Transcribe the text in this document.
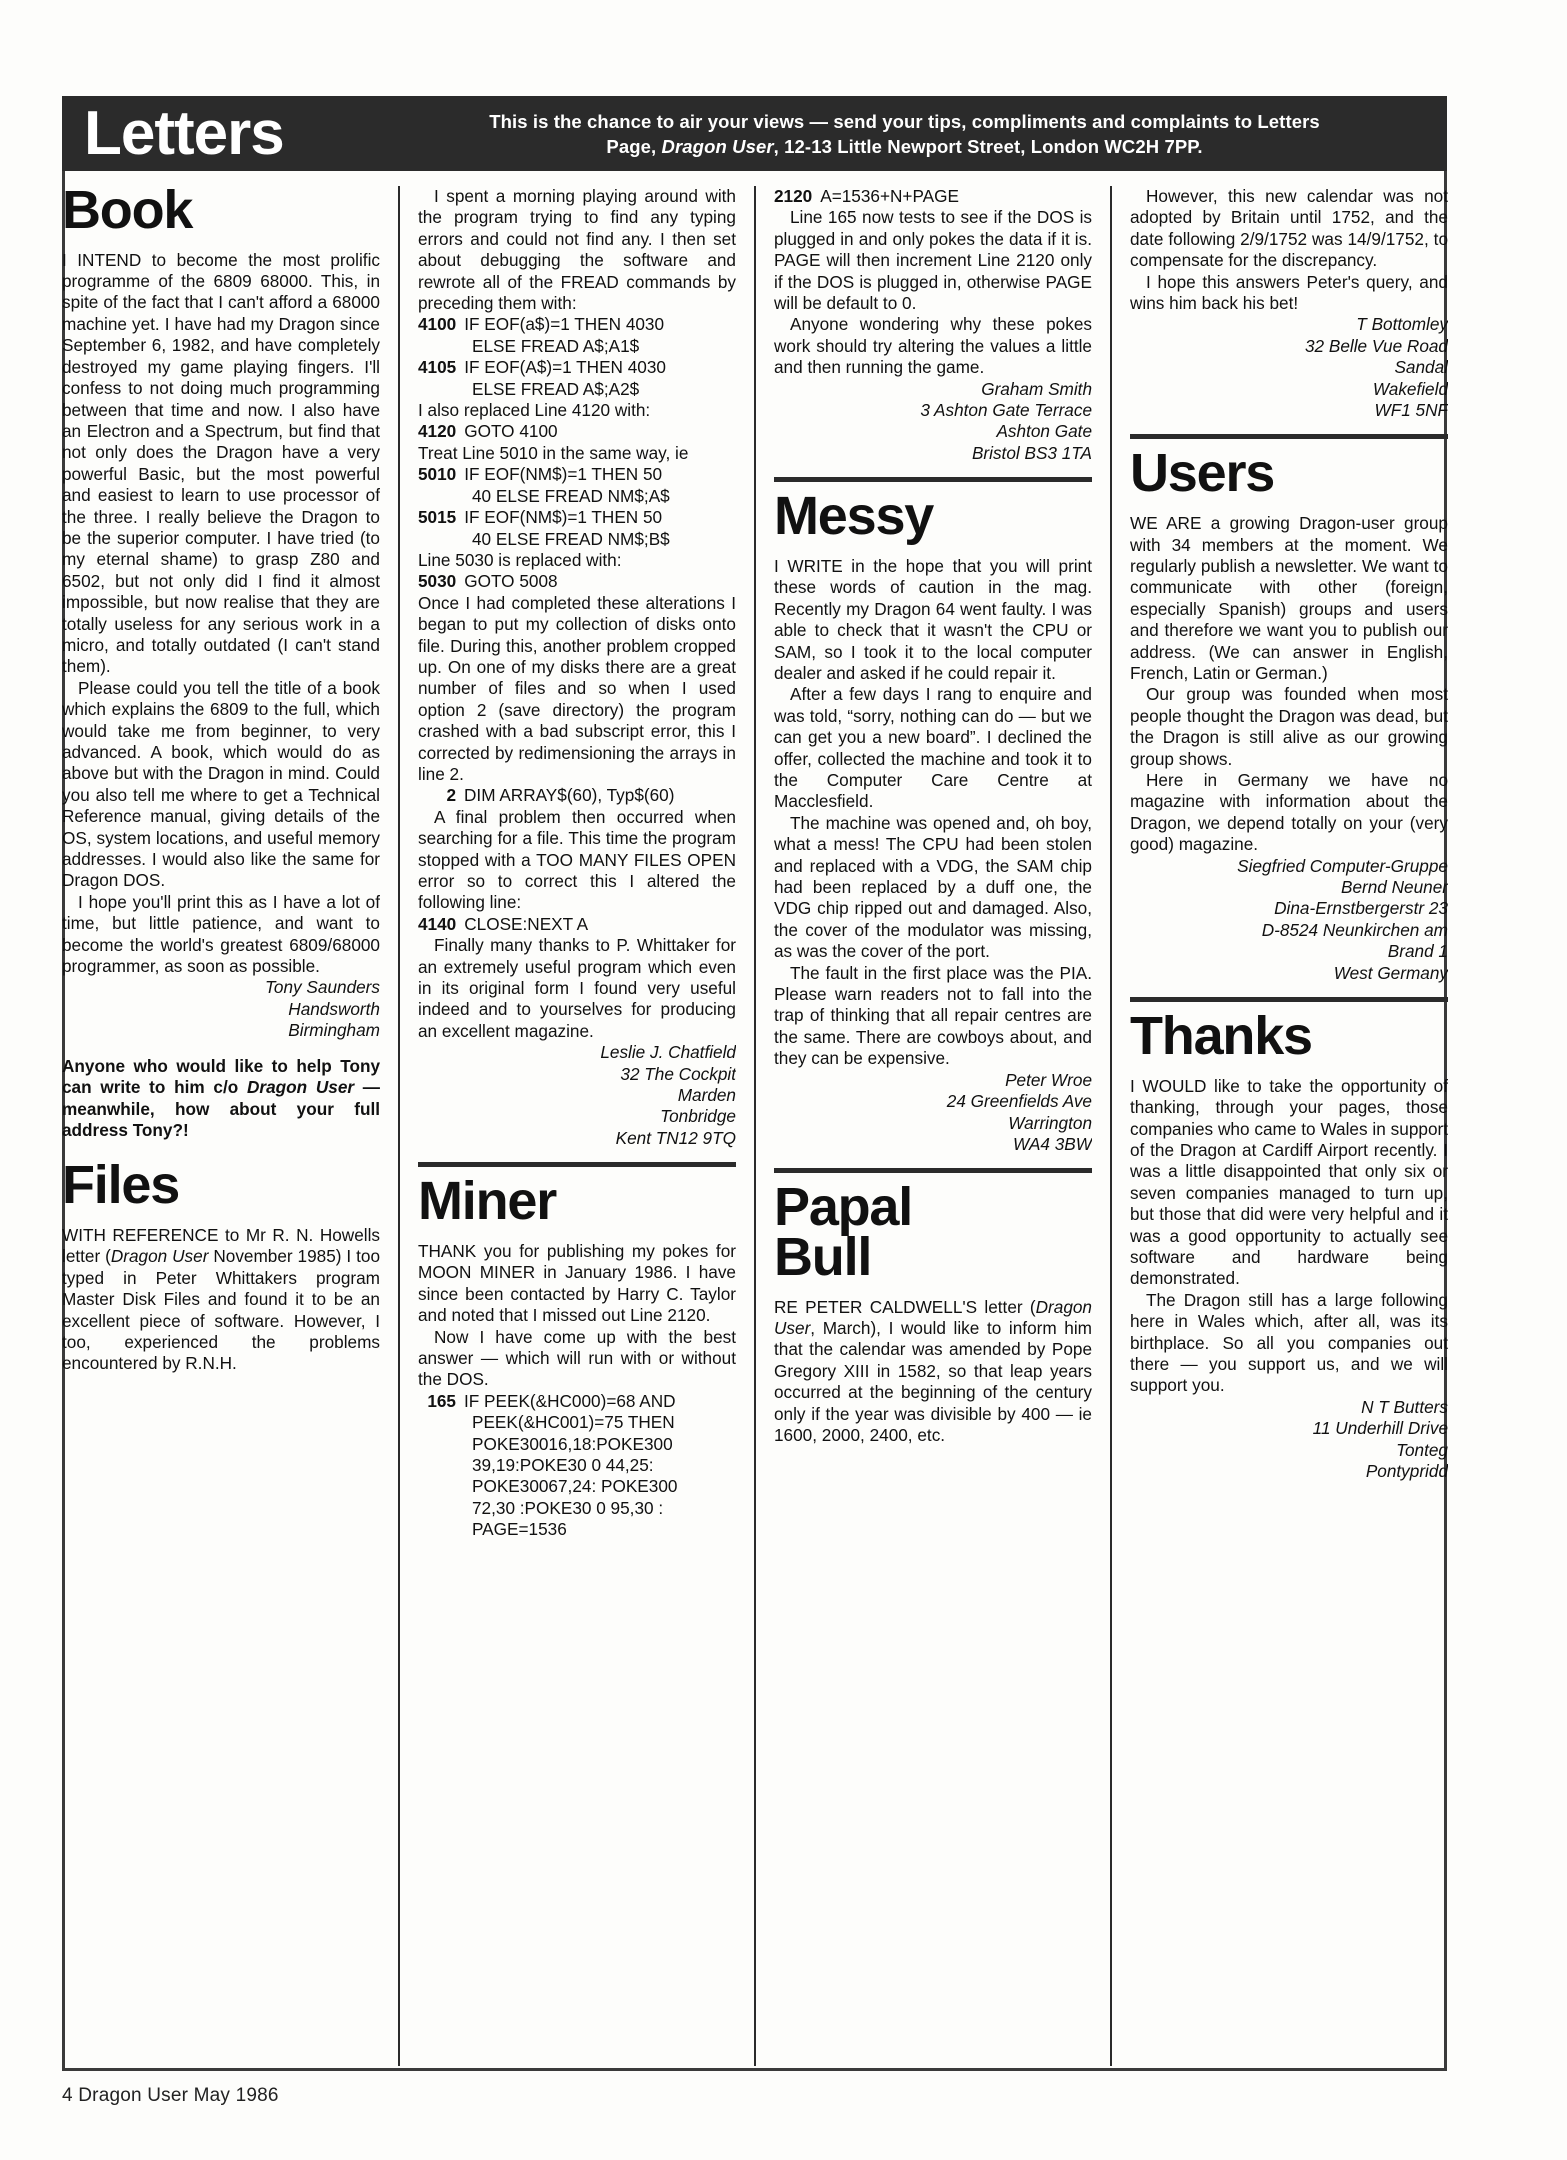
Letters	This is the chance to air your views — send your tips, compliments and complaints to Letters
Page, Dragon User, 12-13 Little Newport Street, London WC2H 7PP.
Book

I INTEND to become the most prolific programme of the 6809 68000. This, in spite of the fact that I can't afford a 68000 machine yet. I have had my Dragon since September 6, 1982, and have completely destroyed my game playing fingers. I'll confess to not doing much programming between that time and now. I also have an Electron and a Spectrum, but find that not only does the Dragon have a very powerful Basic, but the most powerful and easiest to learn to use processor of the three. I really believe the Dragon to be the superior computer. I have tried (to my eternal shame) to grasp Z80 and 6502, but not only did I find it almost impossible, but now realise that they are totally useless for any serious work in a micro, and totally outdated (I can't stand them).

Please could you tell the title of a book which explains the 6809 to the full, which would take me from beginner, to very advanced. A book, which would do as above but with the Dragon in mind. Could you also tell me where to get a Technical Reference manual, giving details of the OS, system locations, and useful memory addresses. I would also like the same for Dragon DOS.

I hope you'll print this as I have a lot of time, but little patience, and want to become the world's greatest 6809/68000 programmer, as soon as possible.

Tony Saunders

Handsworth

Birmingham

Anyone who would like to help Tony can write to him c/o Dragon User — meanwhile, how about your full address Tony?!

Files

WITH REFERENCE to Mr R. N. Howells letter (Dragon User November 1985) I too typed in Peter Whittakers program Master Disk Files and found it to be an excellent piece of software. However, I too, experienced the problems encountered by R.N.H.

I spent a morning playing around with the program trying to find any typing errors and could not find any. I then set about debugging the software and rewrote all of the FREAD commands by preceding them with:

4100 IF EOF(a$)=1 THEN 4030
ELSE FREAD A$;A1$
4105 IF EOF(A$)=1 THEN 4030
ELSE FREAD A$;A2$

I also replaced Line 4120 with:

4120 GOTO 4100

Treat Line 5010 in the same way, ie

5010 IF EOF(NM$)=1 THEN 50
40 ELSE FREAD NM$;A$
5015 IF EOF(NM$)=1 THEN 50
40 ELSE FREAD NM$;B$

Line 5030 is replaced with:

5030 GOTO 5008

Once I had completed these alterations I began to put my collection of disks onto file. During this, another problem cropped up. On one of my disks there are a great number of files and so when I used option 2 (save directory) the program crashed with a bad subscript error, this I corrected by redimensioning the arrays in line 2.

2 DIM ARRAY$(60), Typ$(60)

A final problem then occurred when searching for a file. This time the program stopped with a TOO MANY FILES OPEN error so to correct this I altered the following line:

4140 CLOSE:NEXT A

Finally many thanks to P. Whittaker for an extremely useful program which even in its original form I found very useful indeed and to yourselves for producing an excellent magazine.

Leslie J. Chatfield

32 The Cockpit

Marden

Tonbridge

Kent TN12 9TQ

Miner

THANK you for publishing my pokes for MOON MINER in January 1986. I have since been contacted by Harry C. Taylor and noted that I missed out Line 2120.

Now I have come up with the best answer — which will run with or without the DOS.

165 IF PEEK(&HC000)=68 AND
PEEK(&HC001)=75 THEN
POKE30016,18:POKE300
39,19:POKE30 0 44,25:
POKE30067,24: POKE300
72,30 :POKE30 0 95,30 :
PAGE=1536
2120 A=1536+N+PAGE

Line 165 now tests to see if the DOS is plugged in and only pokes the data if it is. PAGE will then increment Line 2120 only if the DOS is plugged in, otherwise PAGE will be default to 0.

Anyone wondering why these pokes work should try altering the values a little and then running the game.

Graham Smith

3 Ashton Gate Terrace

Ashton Gate

Bristol BS3 1TA

Messy

I WRITE in the hope that you will print these words of caution in the mag. Recently my Dragon 64 went faulty. I was able to check that it wasn't the CPU or SAM, so I took it to the local computer dealer and asked if he could repair it.

After a few days I rang to enquire and was told, “sorry, nothing can do — but we can get you a new board”. I declined the offer, collected the machine and took it to the Computer Care Centre at Macclesfield.

The machine was opened and, oh boy, what a mess! The CPU had been stolen and replaced with a VDG, the SAM chip had been replaced by a duff one, the VDG chip ripped out and damaged. Also, the cover of the modulator was missing, as was the cover of the port.

The fault in the first place was the PIA. Please warn readers not to fall into the trap of thinking that all repair centres are the same. There are cowboys about, and they can be expensive.

Peter Wroe

24 Greenfields Ave

Warrington

WA4 3BW

Papal
Bull

RE PETER CALDWELL'S letter (Dragon User, March), I would like to inform him that the calendar was amended by Pope Gregory XIII in 1582, so that leap years occurred at the beginning of the century only if the year was divisible by 400 — ie 1600, 2000, 2400, etc.

However, this new calendar was not adopted by Britain until 1752, and the date following 2/9/1752 was 14/9/1752, to compensate for the discrepancy.

I hope this answers Peter's query, and wins him back his bet!

T Bottomley

32 Belle Vue Road

Sandal

Wakefield

WF1 5NF

Users

WE ARE a growing Dragon-user group with 34 members at the moment. We regularly publish a newsletter. We want to communicate with other (foreign, especially Spanish) groups and users and therefore we want you to publish our address. (We can answer in English, French, Latin or German.)

Our group was founded when most people thought the Dragon was dead, but the Dragon is still alive as our growing group shows.

Here in Germany we have no magazine with information about the Dragon, we depend totally on your (very good) magazine.

Siegfried Computer-Gruppe

Bernd Neuner

Dina-Ernstbergerstr 23

D-8524 Neunkirchen am

Brand 1

West Germany

Thanks

I WOULD like to take the opportunity of thanking, through your pages, those companies who came to Wales in support of the Dragon at Cardiff Airport recently. I was a little disappointed that only six or seven companies managed to turn up, but those that did were very helpful and it was a good opportunity to actually see software and hardware being demonstrated.

The Dragon still has a large following here in Wales which, after all, was its birthplace. So all you companies out there — you support us, and we will support you.

N T Butters

11 Underhill Drive

Tonteg

Pontypridd

4 Dragon User May 1986
